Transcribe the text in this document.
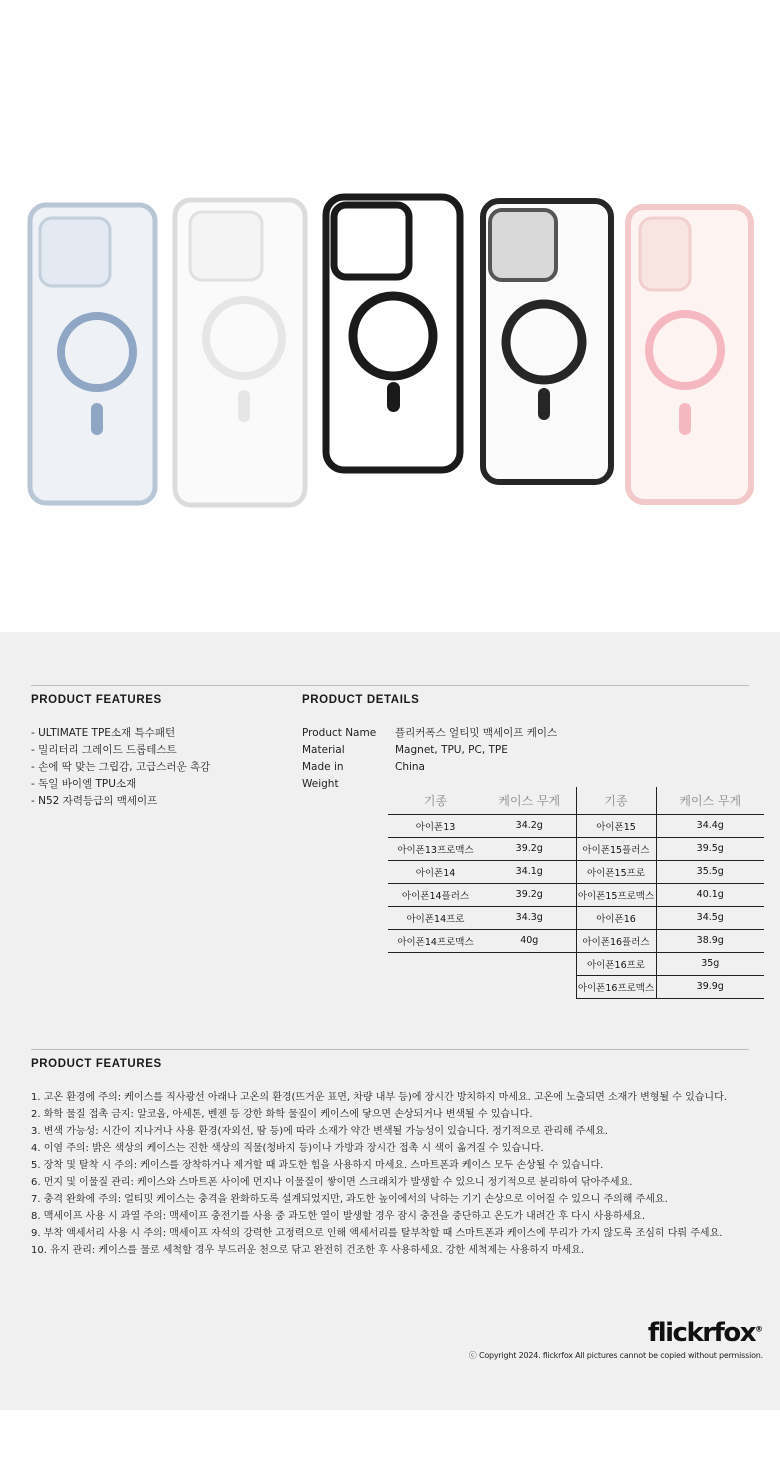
PRODUCT FEATURES	PRODUCT DETAILS
- ULTIMATE TPE소재 특수패턴
- 밀리터리 그레이드 드롭테스트
- 손에 딱 맞는 그립감, 고급스러운 촉감
- 독일 바이엘 TPU소재
- N52 자력등급의 맥세이프
Product Name	플리커폭스 얼티밋 맥세이프 케이스
Material	Magnet, TPU, PC, TPE
Made in	China
Weight
기종	케이스 무게	기종	케이스 무게
아이폰13	34.2g	아이폰15	34.4g
아이폰13프로맥스	39.2g	아이폰15플러스	39.5g
아이폰14	34.1g	아이폰15프로	35.5g
아이폰14플러스	39.2g	아이폰15프로맥스	40.1g
아이폰14프로	34.3g	아이폰16	34.5g
아이폰14프로맥스	40g	아이폰16플러스	38.9g
		아이폰16프로	35g
		아이폰16프로맥스	39.9g
PRODUCT FEATURES
1. 고온 환경에 주의: 케이스를 직사광선 아래나 고온의 환경(뜨거운 표면, 차량 내부 등)에 장시간 방치하지 마세요. 고온에 노출되면 소재가 변형될 수 있습니다.
2. 화학 물질 접촉 금지: 알코올, 아세톤, 벤젠 등 강한 화학 물질이 케이스에 닿으면 손상되거나 변색될 수 있습니다.
3. 변색 가능성: 시간이 지나거나 사용 환경(자외선, 땀 등)에 따라 소재가 약간 변색될 가능성이 있습니다. 정기적으로 관리해 주세요.
4. 이염 주의: 밝은 색상의 케이스는 진한 색상의 직물(청바지 등)이나 가방과 장시간 접촉 시 색이 옮겨질 수 있습니다.
5. 장착 및 탈착 시 주의: 케이스를 장착하거나 제거할 때 과도한 힘을 사용하지 마세요. 스마트폰과 케이스 모두 손상될 수 있습니다.
6. 먼지 및 이물질 관리: 케이스와 스마트폰 사이에 먼지나 이물질이 쌓이면 스크래치가 발생할 수 있으니 정기적으로 분리하여 닦아주세요.
7. 충격 완화에 주의: 얼티밋 케이스는 충격을 완화하도록 설계되었지만, 과도한 높이에서의 낙하는 기기 손상으로 이어질 수 있으니 주의해 주세요.
8. 맥세이프 사용 시 과열 주의: 맥세이프 충전기를 사용 중 과도한 열이 발생할 경우 잠시 충전을 중단하고 온도가 내려간 후 다시 사용하세요.
9. 부착 액세서리 사용 시 주의: 맥세이프 자석의 강력한 고정력으로 인해 액세서리를 탈부착할 때 스마트폰과 케이스에 무리가 가지 않도록 조심히 다뤄 주세요.
10. 유지 관리: 케이스를 물로 세척할 경우 부드러운 천으로 닦고 완전히 건조한 후 사용하세요. 강한 세척제는 사용하지 마세요.
flickrfox®
ⓒ Copyright 2024. flickrfox All pictures cannot be copied without permission.
